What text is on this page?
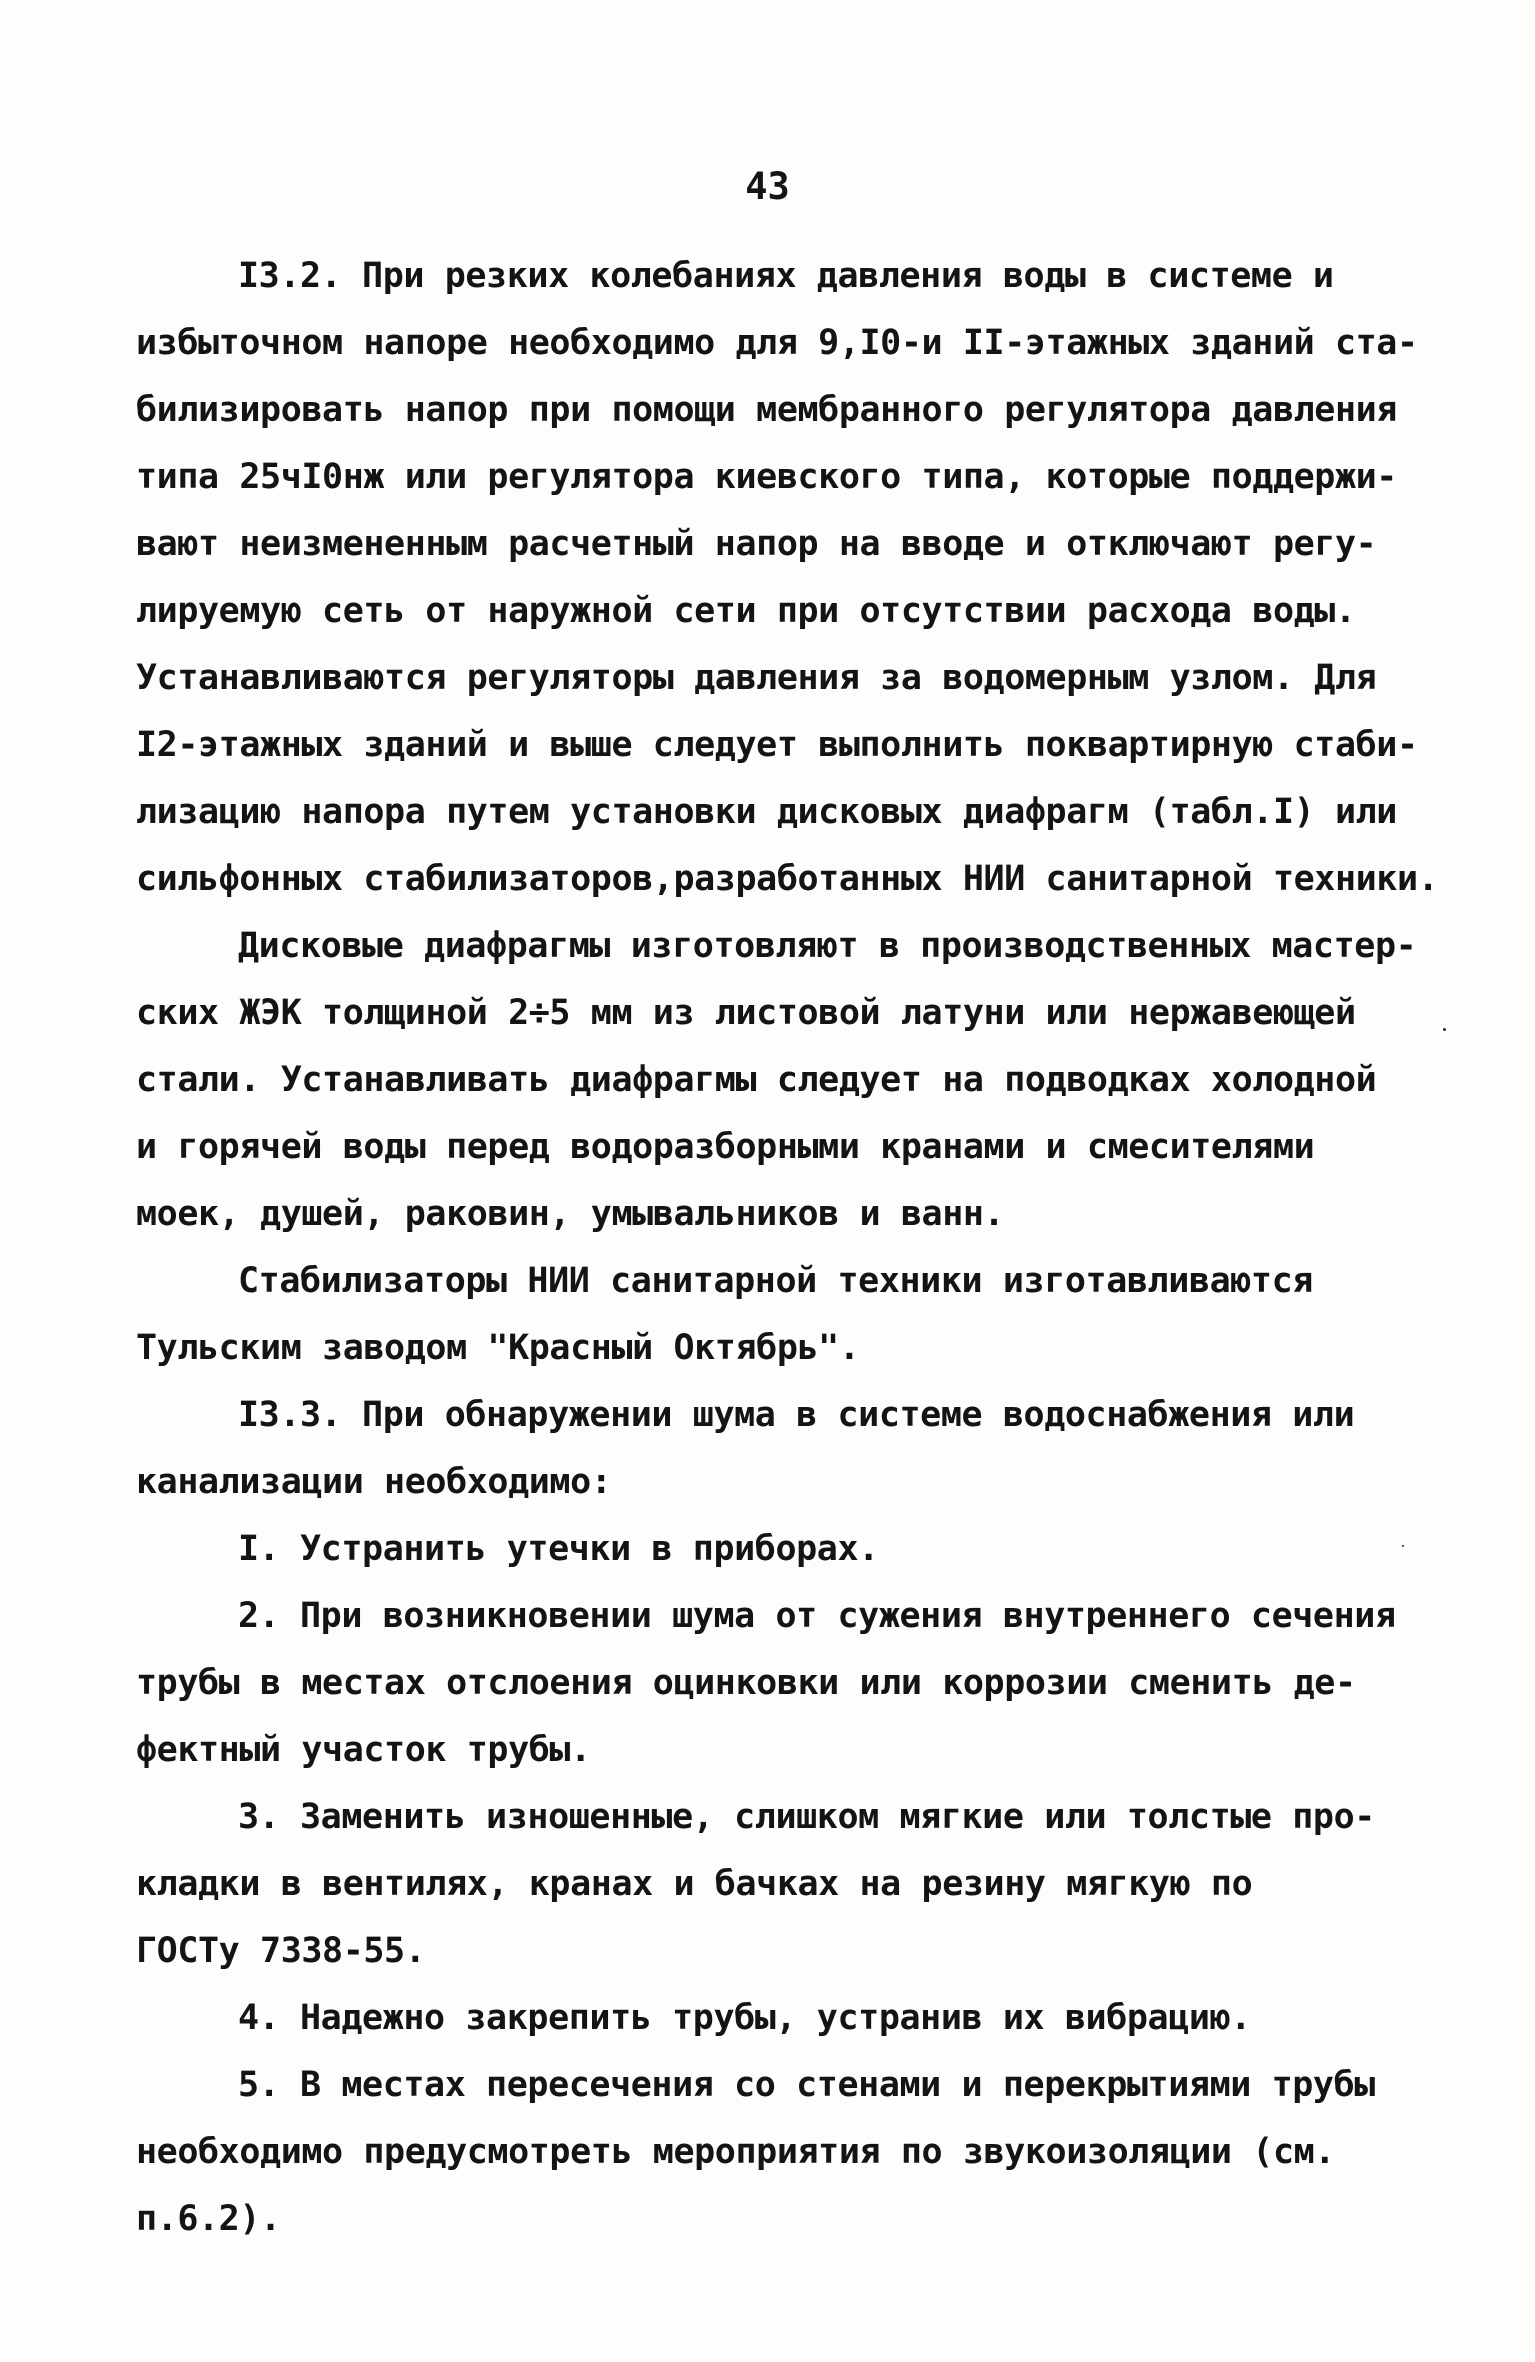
43
I3.2. При резких колебаниях давления воды в системе и
избыточном напоре необходимо для 9,I0-и II-этажных зданий ста-
билизировать напор при помощи мембранного регулятора давления
типа 25чI0нж или регулятора киевского типа, которые поддержи-
вают неизмененным расчетный напор на вводе и отключают регу-
лируемую сеть от наружной сети при отсутствии расхода воды.
Устанавливаются регуляторы давления за водомерным узлом. Для
I2-этажных зданий и выше следует выполнить поквартирную стаби-
лизацию напора путем установки дисковых диафрагм (табл.I) или
сильфонных стабилизаторов,разработанных НИИ санитарной техники.
Дисковые диафрагмы изготовляют в производственных мастер-
ских ЖЭК толщиной 2÷5 мм из листовой латуни или нержавеющей
стали. Устанавливать диафрагмы следует на подводках холодной
и горячей воды перед водоразборными кранами и смесителями
моек, душей, раковин, умывальников и ванн.
Стабилизаторы НИИ санитарной техники изготавливаются
Тульским заводом "Красный Октябрь".
I3.3. При обнаружении шума в системе водоснабжения или
канализации необходимо:
I. Устранить утечки в приборах.
2. При возникновении шума от сужения внутреннего сечения
трубы в местах отслоения оцинковки или коррозии сменить де-
фектный участок трубы.
3. Заменить изношенные, слишком мягкие или толстые про-
кладки в вентилях, кранах и бачках на резину мягкую по
ГОСТу 7338-55.
4. Надежно закрепить трубы, устранив их вибрацию.
5. В местах пересечения со стенами и перекрытиями трубы
необходимо предусмотреть мероприятия по звукоизоляции (см.
п.6.2).
